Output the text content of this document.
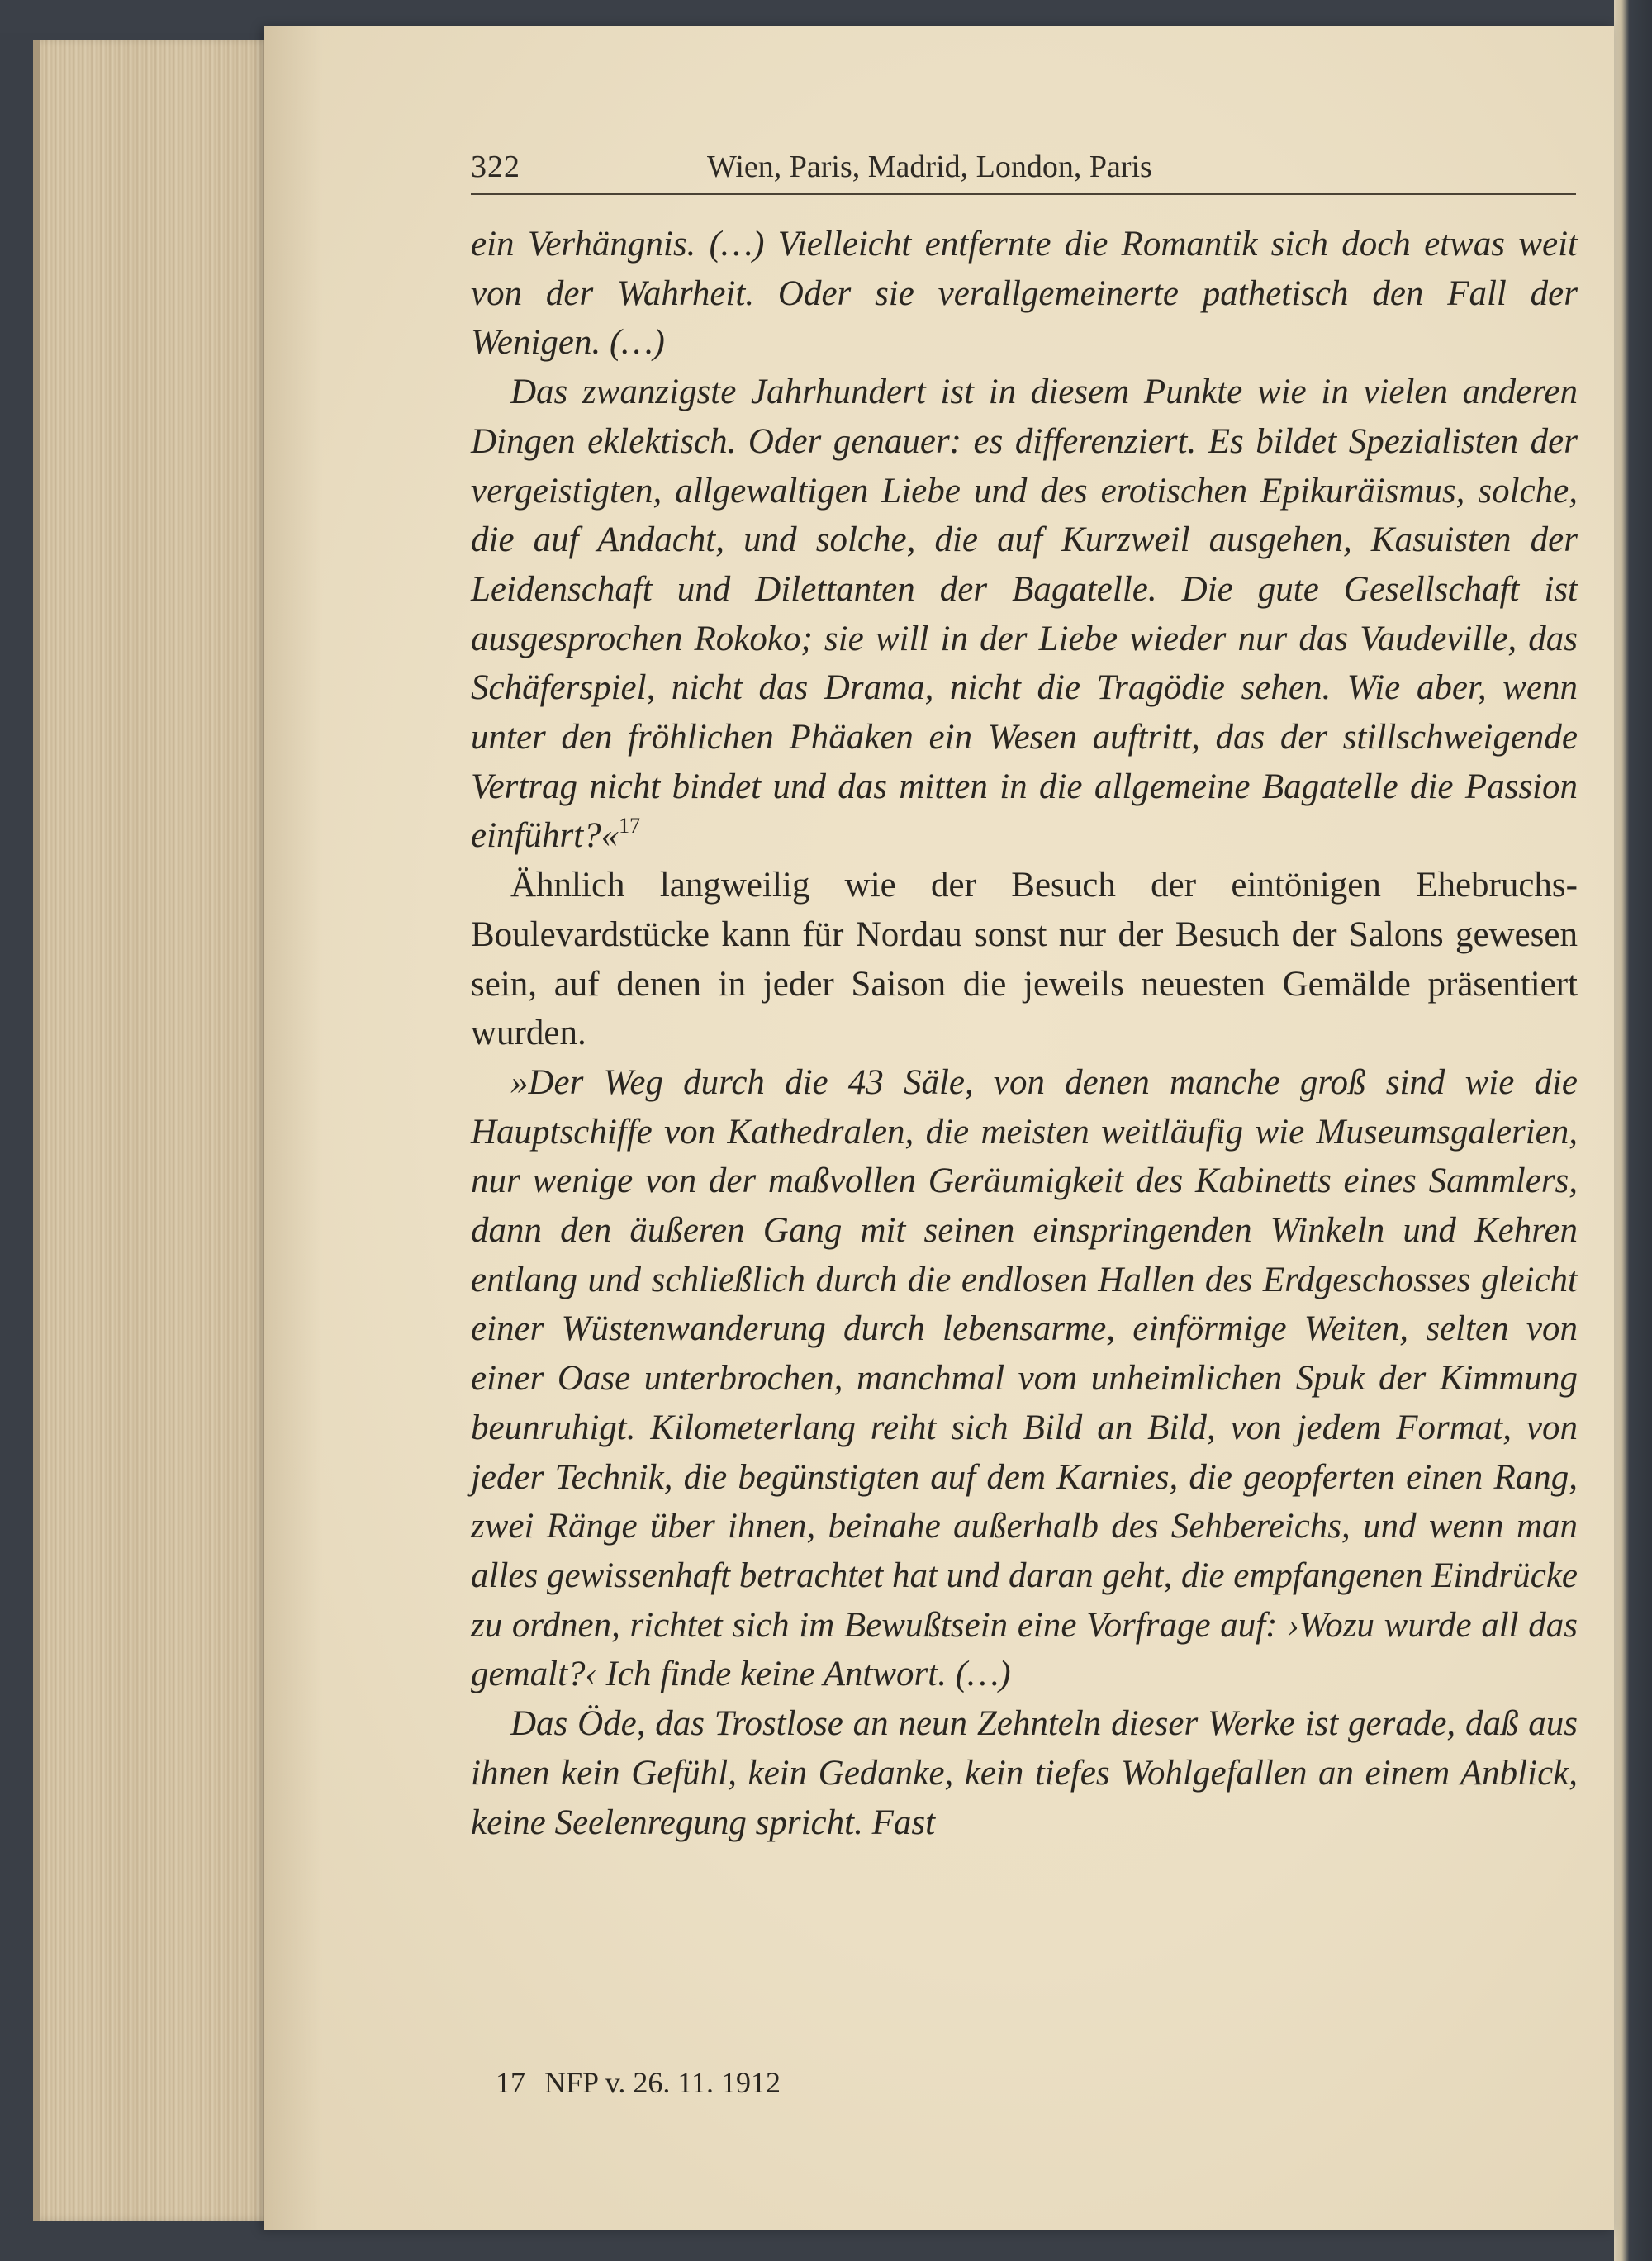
322	Wien, Paris, Madrid, London, Paris

ein Verhängnis. (…) Vielleicht entfernte die Romantik sich doch etwas weit von der Wahrheit. Oder sie verallgemeinerte pathetisch den Fall der Wenigen. (…)

Das zwanzigste Jahrhundert ist in diesem Punkte wie in vielen anderen Dingen eklektisch. Oder genauer: es differenziert. Es bildet Spezialisten der vergeistigten, allgewaltigen Liebe und des erotischen Epikuräismus, solche, die auf Andacht, und solche, die auf Kurzweil ausgehen, Kasuisten der Leidenschaft und Dilettanten der Bagatelle. Die gute Gesellschaft ist ausgesprochen Rokoko; sie will in der Liebe wieder nur das Vaudeville, das Schäferspiel, nicht das Drama, nicht die Tragödie sehen. Wie aber, wenn unter den fröhlichen Phäaken ein Wesen auftritt, das der stillschweigende Vertrag nicht bindet und das mitten in die allgemeine Bagatelle die Passion einführt?«$^{17}$

Ähnlich langweilig wie der Besuch der eintönigen Ehebruchs-Boulevardstücke kann für Nordau sonst nur der Besuch der Salons gewesen sein, auf denen in jeder Saison die jeweils neuesten Gemälde präsentiert wurden.

»Der Weg durch die 43 Säle, von denen manche groß sind wie die Hauptschiffe von Kathedralen, die meisten weitläufig wie Museumsgalerien, nur wenige von der maßvollen Geräumigkeit des Kabinetts eines Sammlers, dann den äußeren Gang mit seinen einspringenden Winkeln und Kehren entlang und schließlich durch die endlosen Hallen des Erdgeschosses gleicht einer Wüstenwanderung durch lebensarme, einförmige Weiten, selten von einer Oase unterbrochen, manchmal vom unheimlichen Spuk der Kimmung beunruhigt. Kilometerlang reiht sich Bild an Bild, von jedem Format, von jeder Technik, die begünstigten auf dem Karnies, die geopferten einen Rang, zwei Ränge über ihnen, beinahe außerhalb des Sehbereichs, und wenn man alles gewissenhaft betrachtet hat und daran geht, die empfangenen Eindrücke zu ordnen, richtet sich im Bewußtsein eine Vorfrage auf: ›Wozu wurde all das gemalt?‹ Ich finde keine Antwort. (…)

Das Öde, das Trostlose an neun Zehnteln dieser Werke ist gerade, daß aus ihnen kein Gefühl, kein Gedanke, kein tiefes Wohlgefallen an einem Anblick, keine Seelenregung spricht. Fast

17 NFP v. 26. 11. 1912
